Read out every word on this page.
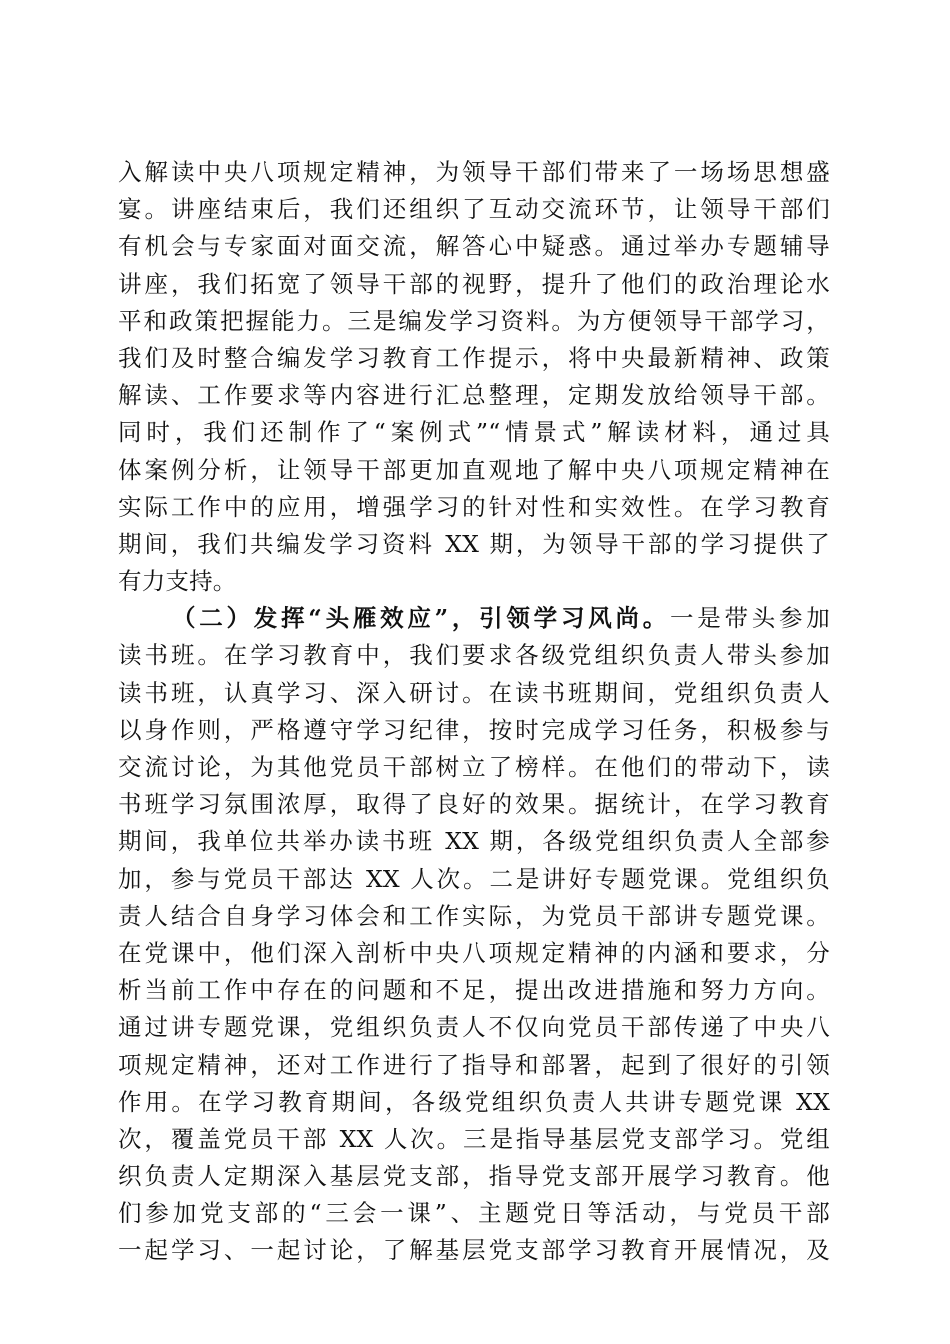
入解读中央八项规定精神，为领导干部们带来了一场场思想盛
宴。讲座结束后，我们还组织了互动交流环节，让领导干部们
有机会与专家面对面交流，解答心中疑惑。通过举办专题辅导
讲座，我们拓宽了领导干部的视野，提升了他们的政治理论水
平和政策把握能力。三是编发学习资料。为方便领导干部学习，
我们及时整合编发学习教育工作提示，将中央最新精神、政策
解读、工作要求等内容进行汇总整理，定期发放给领导干部。
同时，我们还制作了“案例式”“情景式”解读材料，通过具
体案例分析，让领导干部更加直观地了解中央八项规定精神在
实际工作中的应用，增强学习的针对性和实效性。在学习教育
期间，我们共编发学习资料 XX 期，为领导干部的学习提供了
有力支持。
（二）发挥“头雁效应”，引领学习风尚。一是带头参加
读书班。在学习教育中，我们要求各级党组织负责人带头参加
读书班，认真学习、深入研讨。在读书班期间，党组织负责人
以身作则，严格遵守学习纪律，按时完成学习任务，积极参与
交流讨论，为其他党员干部树立了榜样。在他们的带动下，读
书班学习氛围浓厚，取得了良好的效果。据统计，在学习教育
期间，我单位共举办读书班 XX 期，各级党组织负责人全部参
加，参与党员干部达 XX 人次。二是讲好专题党课。党组织负
责人结合自身学习体会和工作实际，为党员干部讲专题党课。
在党课中，他们深入剖析中央八项规定精神的内涵和要求，分
析当前工作中存在的问题和不足，提出改进措施和努力方向。
通过讲专题党课，党组织负责人不仅向党员干部传递了中央八
项规定精神，还对工作进行了指导和部署，起到了很好的引领
作用。在学习教育期间，各级党组织负责人共讲专题党课 XX
次，覆盖党员干部 XX 人次。三是指导基层党支部学习。党组
织负责人定期深入基层党支部，指导党支部开展学习教育。他
们参加党支部的“三会一课”、主题党日等活动，与党员干部
一起学习、一起讨论，了解基层党支部学习教育开展情况，及
